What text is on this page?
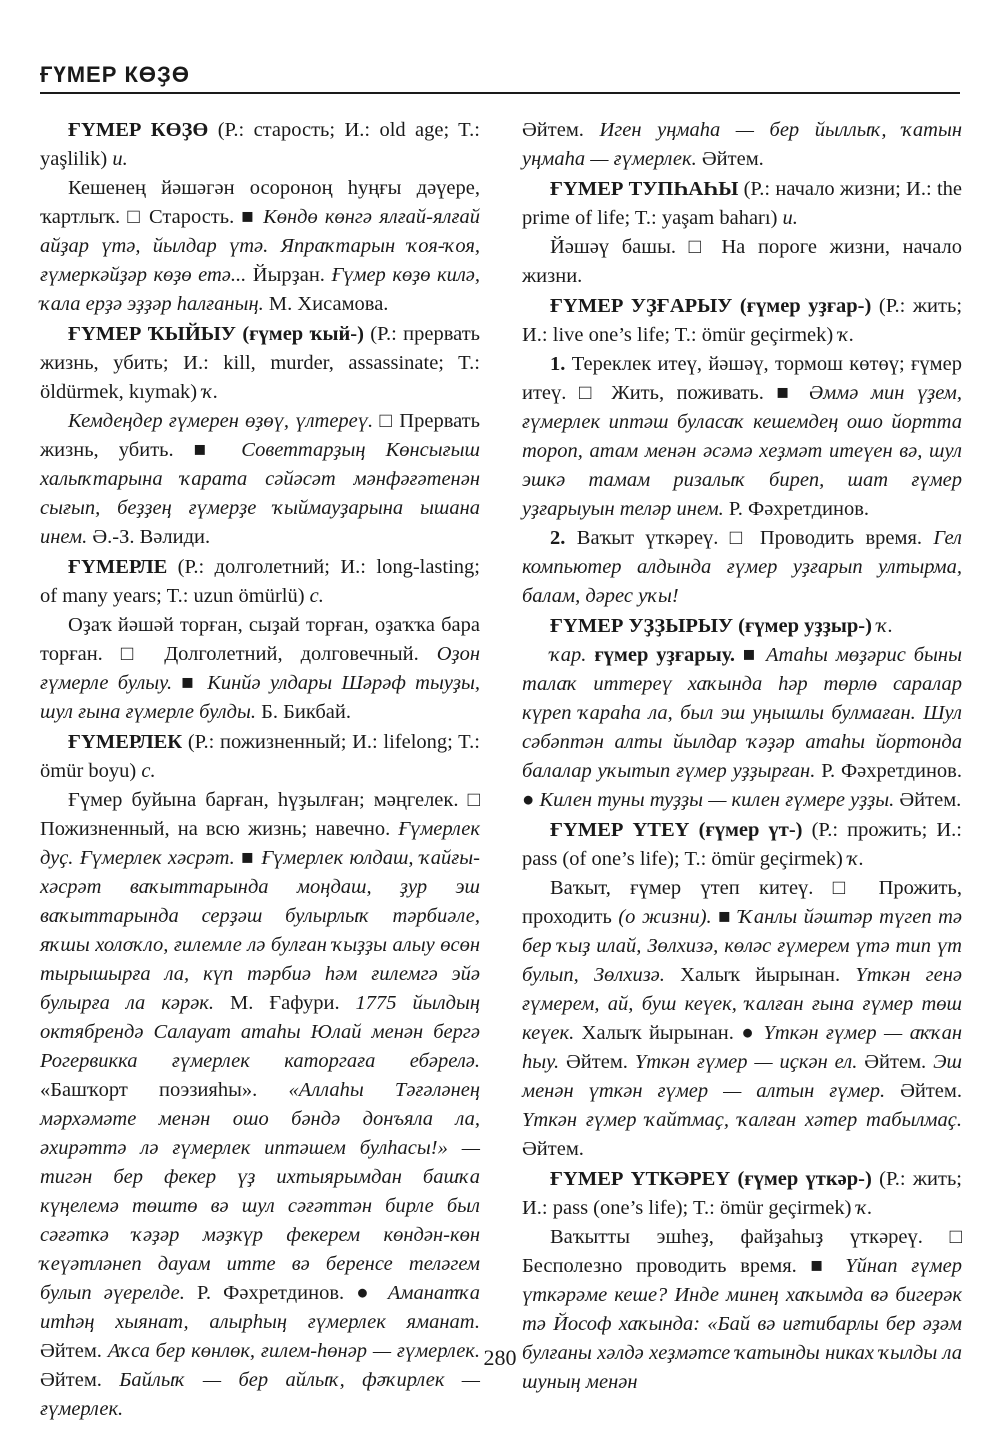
ҒҮМЕР КӨҘӨ

ҒҮМЕР КӨҘӨ (Р.: старость; И.: old age; T.: yaşlilik) и.

Кешенең йәшәгән осороноң һуңғы дәүере, ҡартлыҡ. □ Старость. ■ Көндө көнгә ялғай-ялғай айҙар үтә, йылдар үтә. Япраҡтарын ҡоя-ҡоя, ғүмеркәйҙәр көҙө етә... Йырҙан. Ғүмер көҙө килә, ҡала ерҙә эҙҙәр һалғаның. М. Хисамова.

ҒҮМЕР ҠЫЙЫУ (ғүмер ҡый-) (Р.: прервать жизнь, убить; И.: kill, murder, assassinate; T.: öldürmek, kıymak) ҡ.

Кемдеңдер ғүмерен өҙөү, үлтереү. □ Прервать жизнь, убить. ■ Советтарҙың Көнсығыш халыҡтарына ҡарата сәйәсәт мәнфәғәтенән сығып, беҙҙең ғүмерҙе ҡыймауҙарына ышана инем. Ә.-З. Вәлиди.

ҒҮМЕРЛЕ (Р.: долголетний; И.: long-lasting; of many years; T.: uzun ömürlü) с.

Оҙаҡ йәшәй торған, сыҙай торған, оҙаҡҡа бара торған. □ Долголетний, долговечный. Оҙон ғүмерле булыу. ■ Кинйә улдары Шәрәф тыуҙы, шул ғына ғүмерле булды. Б. Бикбай.

ҒҮМЕРЛЕК (Р.: пожизненный; И.: lifelong; T.: ömür boyu) с.

Ғүмер буйына барған, һүҙылған; мәңгелек. □ Пожизненный, на всю жизнь; навечно. Ғүмерлек дуҫ. Ғүмерлек хәсрәт. ■ Ғүмерлек юлдаш, ҡайғы-хәсрәт ваҡыттарында моңдаш, ҙур эш ваҡыттарында серҙәш булырлыҡ тәрбиәле, яҡшы холоҡло, ғилемле лә булған ҡыҙҙы алыу өсөн тырышырға ла, күп тәрбиә һәм ғилемгә эйә булырға ла кәрәк. М. Ғафури. 1775 йылдың октябрендә Салауат атаһы Юлай менән бергә Рогервикка ғүмерлек каторгаға ебәрелә. «Башҡорт поэзияһы». «Аллаһы Тәғәләнең мәрхәмәте менән ошо бәндә донъяла ла, әхирәттә лә ғүмерлек иптәшем булһасы!» — тигән бер фекер үҙ ихтыярымдан башҡа күңелемә төштө вә шул сәғәттән бирле был сәғәткә ҡәҙәр мәҙкүр фекерем көндән-көн ҡеүәтләнеп дауам итте вә беренсе теләгем булып әүерелде. Р. Фәхретдинов. ● Аманатҡа итһәң хыянат, алырһың ғүмерлек яманат. Әйтем. Аҡса бер көнлөк, ғилем-һөнәр — ғүмерлек. Әйтем. Байлыҡ — бер айлыҡ, фәҡирлек — ғүмерлек.

Әйтем. Иген уңмаһа — бер йыллыҡ, ҡатын уңмаһа — ғүмерлек. Әйтем.

ҒҮМЕР ТУПҺАҺЫ (Р.: начало жизни; И.: the prime of life; T.: yaşam baharı) и.

Йәшәү башы. □ На пороге жизни, начало жизни.

ҒҮМЕР УҘҒАРЫУ (ғүмер уҙғар-) (Р.: жить; И.: live one’s life; T.: ömür geçirmek) ҡ.

1. Тереклек итеү, йәшәү, тормош көтөү; ғүмер итеү. □ Жить, поживать. ■ Әммә мин үҙем, ғүмерлек иптәш буласаҡ кешемдең ошо йортта тороп, атам менән әсәмә хеҙмәт итеүен вә, шул эшкә тамам ризалыҡ биреп, шат ғүмер уҙғарыуын теләр инем. Р. Фәхретдинов.

2. Ваҡыт үткәреү. □ Проводить время. Гел компьютер алдында ғүмер уҙғарып ултырма, балам, дәрес уҡы!

ҒҮМЕР УҘҘЫРЫУ (ғүмер уҙҙыр-) ҡ.

ҡар. ғүмер уҙғарыу. ■ Атаһы мөҙәрис быны талаҡ иттереү хаҡында һәр төрлө саралар күреп ҡараһа ла, был эш уңышлы булмаған. Шул сәбәптән алты йылдар ҡәҙәр атаһы йортонда балалар уҡытып ғүмер уҙҙырған. Р. Фәхретдинов. ● Килен туны туҙҙы — килен ғүмере уҙҙы. Әйтем.

ҒҮМЕР ҮТЕҮ (ғүмер үт-) (Р.: прожить; И.: pass (of one’s life); T.: ömür geçirmek) ҡ.

Ваҡыт, ғүмер үтеп китеү. □ Прожить, проходить (о жизни). ■ Ҡанлы йәштәр түгеп тә бер ҡыҙ илай, Зөлхизә, көләс ғүмерем үтә тип үт булып, Зөлхизә. Халыҡ йырынан. Үткән генә ғүмерем, ай, буш кеүек, ҡалған ғына ғүмер төш кеүек. Халыҡ йырынан. ● Үткән ғүмер — аҡҡан һыу. Әйтем. Үткән ғүмер — иҫкән ел. Әйтем. Эш менән үткән ғүмер — алтын ғүмер. Әйтем. Үткән ғүмер ҡайтмаҫ, ҡалған хәтер табылмаҫ. Әйтем.

ҒҮМЕР ҮТКӘРЕҮ (ғүмер үткәр-) (Р.: жить; И.: pass (one’s life); T.: ömür geçirmek) ҡ.

Ваҡытты эшһеҙ, файҙаһыҙ үткәреү. □ Бесполезно проводить время. ■ Үйнап ғүмер үткәрәме кеше? Инде минең хаҡымда вә бигерәк тә Йософ хаҡында: «Бай вә иғтибарлы бер әҙәм булғаны хәлдә хеҙмәтсе ҡатынды никах ҡылды ла шуның менән

280
